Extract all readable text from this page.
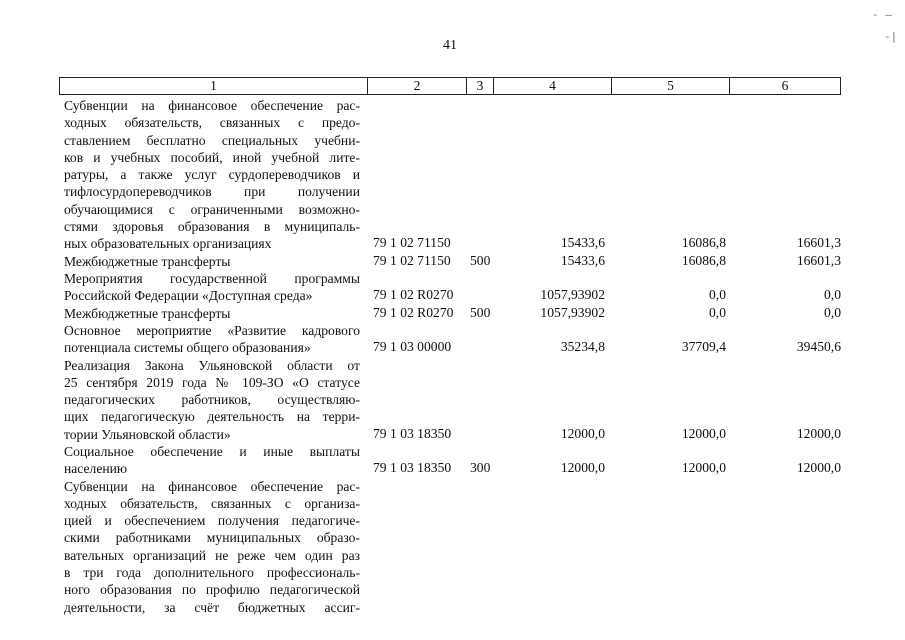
- —
-|
41
1	2	3	4	5	6
Субвенции на финансовое обеспечение рас-
ходных обязательств, связанных с предо-
ставлением бесплатно специальных учебни-
ков и учебных пособий, иной учебной лите-
ратуры, а также услуг сурдопереводчиков и
тифлосурдопереводчиков при получении
обучающимися с ограниченными возможно-
стями здоровья образования в муниципаль-
ных образовательных организациях	79 1 02 71150	15433,6	16086,8	16601,3
Межбюджетные трансферты	79 1 02 71150 500	15433,6	16086,8	16601,3
Мероприятия государственной программы
Российской Федерации «Доступная среда»	79 1 02 R0270	1057,93902	0,0	0,0
Межбюджетные трансферты	79 1 02 R0270 500	1057,93902	0,0	0,0
Основное мероприятие «Развитие кадрового
потенциала системы общего образования»	79 1 03 00000	35234,8	37709,4	39450,6
Реализация Закона Ульяновской области от
25 сентября 2019 года № 109-ЗО «О статусе
педагогических работников, осуществляю-
щих педагогическую деятельность на терри-
тории Ульяновской области»	79 1 03 18350	12000,0	12000,0	12000,0
Социальное обеспечение и иные выплаты
населению	79 1 03 18350 300	12000,0	12000,0	12000,0
Субвенции на финансовое обеспечение рас-
ходных обязательств, связанных с организа-
цией и обеспечением получения педагогиче-
скими работниками муниципальных образо-
вательных организаций не реже чем один раз
в три года дополнительного профессиональ-
ного образования по профилю педагогической
деятельности, за счёт бюджетных ассиг-
